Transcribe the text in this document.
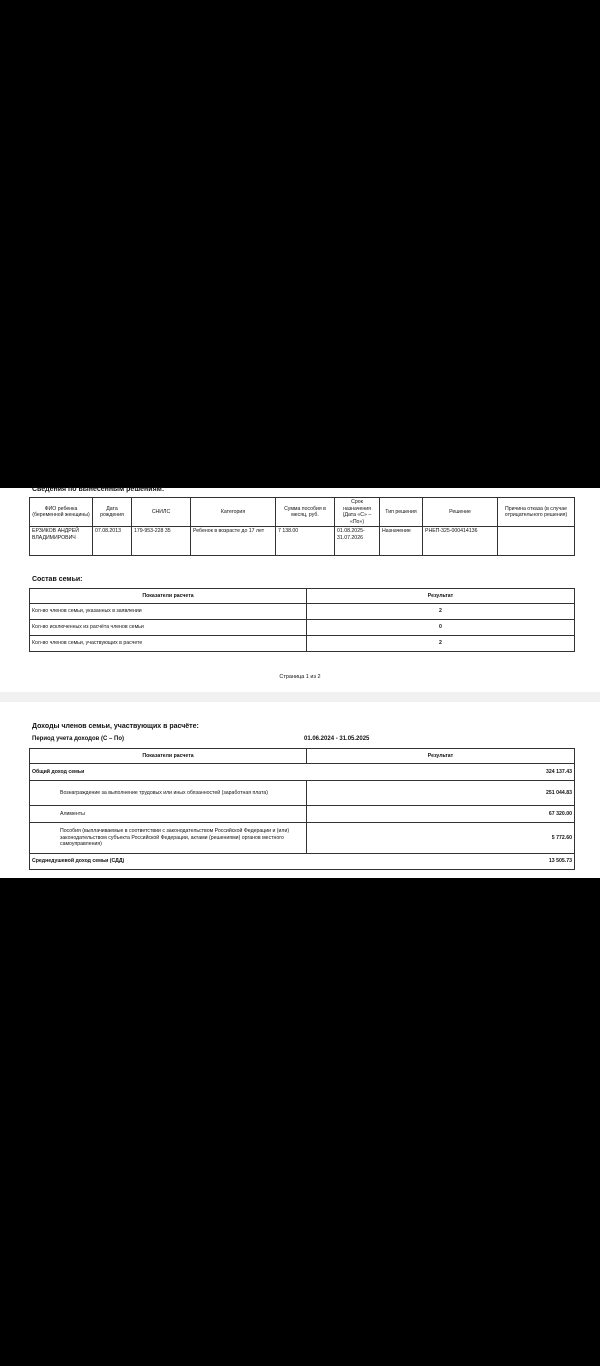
Сведения по вынесенным решениям:
ФИО ребенка (беременной женщины)	Дата рождения	СНИЛС	Категория	Сумма пособия в месяц, руб.	Срок назначения (Дата «С» – «По»)	Тип решения	Решение	Причина отказа (в случае отрицательного решения)
ЕРЗИКОВ АНДРЕЙ ВЛАДИМИРОВИЧ	07.08.2013	179-953-228 35	Ребенок в возрасте до 17 лет	7 138.00	01.08.2025-31.07.2026	Назначение	РНЕП-325-000414136	
Состав семьи:
Показатели расчета	Результат
Кол-во членов семьи, указанных в заявлении	2
Кол-во исключенных из расчёта членов семьи	0
Кол-во членов семьи, участвующих в расчете	2
Страница 1 из 2
Доходы членов семьи, участвующих в расчёте:
Период учета доходов (С – По)	01.06.2024 - 31.05.2025
Показатели расчета	Результат
Общий доход семьи	324 137.43
Вознаграждение за выполнение трудовых или иных обязанностей (заработная плата)	251 044.83
Алименты	67 320.00
Пособия (выплачиваемые в соответствии с законодательством Российской Федерации и (или) законодательством субъекта Российской Федерации, актами (решениями) органов местного самоуправления)	5 772.60
Среднедушевой доход семьи (СДД)	13 505.73
